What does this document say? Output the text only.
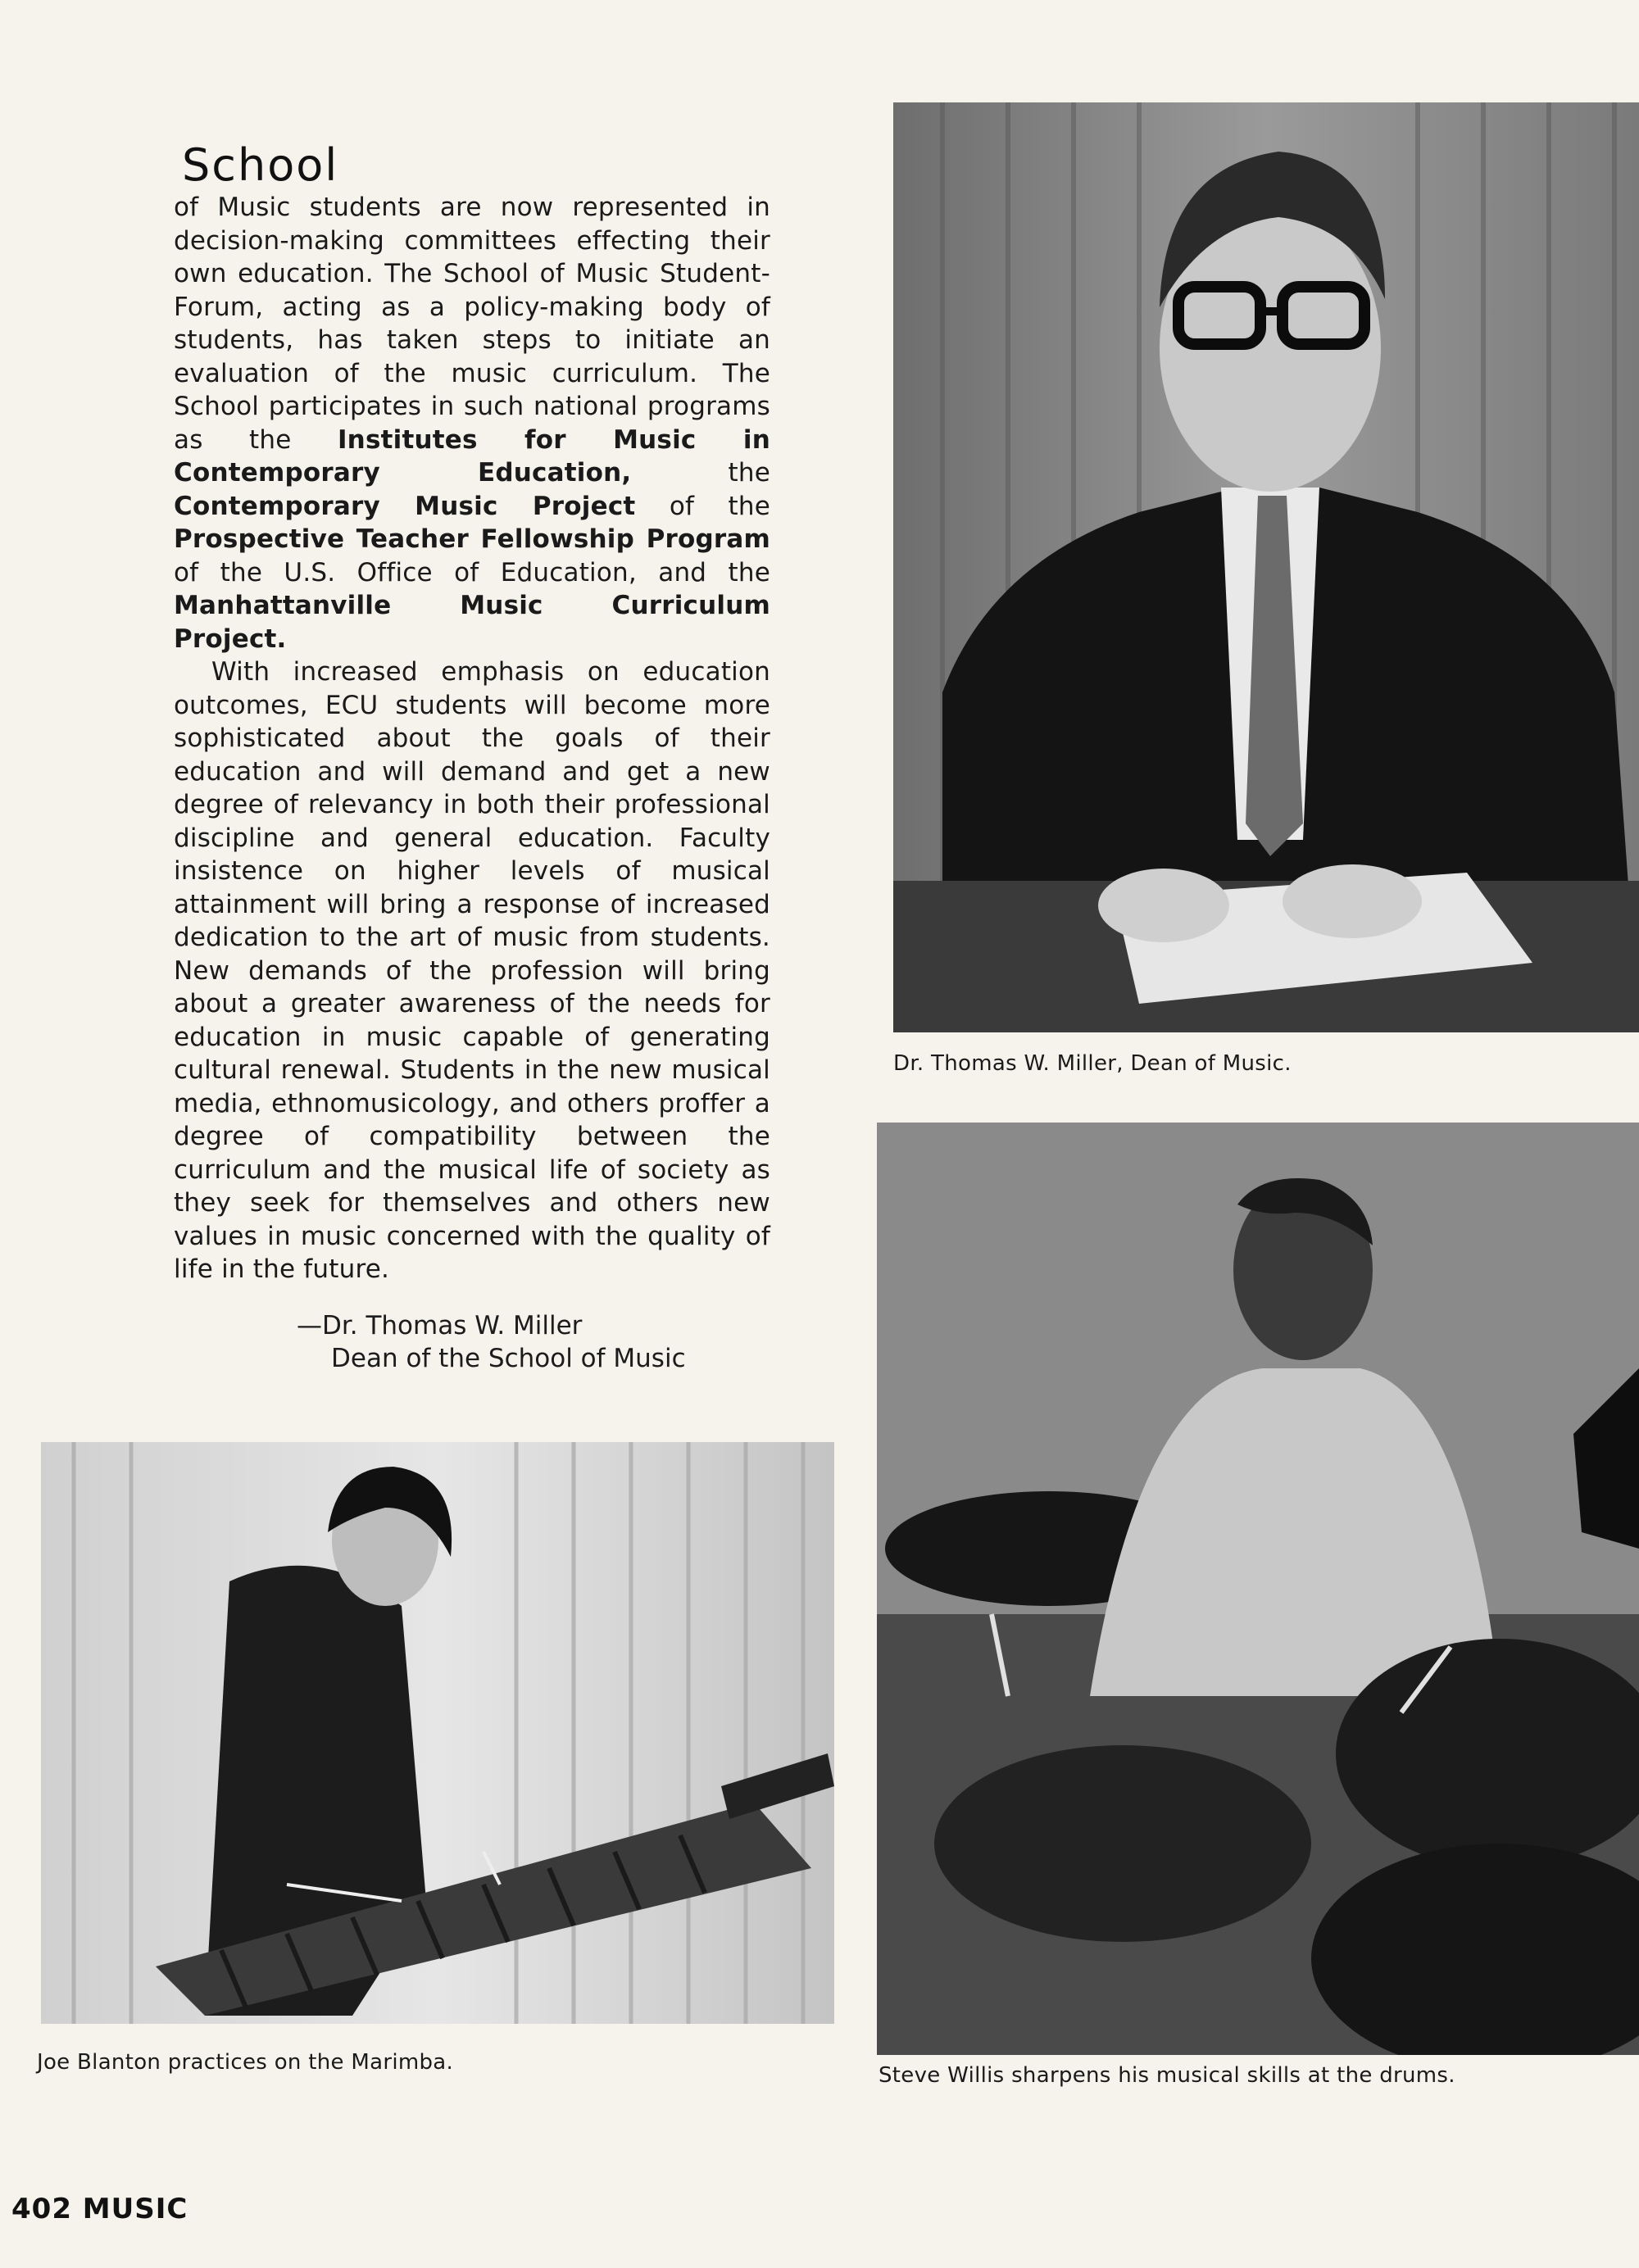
School

of Music students are now represented in decision-making committees effecting their own education. The School of Music Student-Forum, acting as a policy-making body of students, has taken steps to initiate an evaluation of the music curriculum. The School participates in such national programs as the Institutes for Music in Contemporary Education, the Contemporary Music Project of the Prospective Teacher Fellowship Program of the U.S. Office of Education, and the Manhattanville Music Curriculum Project.

With increased emphasis on education outcomes, ECU students will become more sophisticated about the goals of their education and will demand and get a new degree of relevancy in both their professional discipline and general education. Faculty insistence on higher levels of musical attainment will bring a response of increased dedication to the art of music from students. New demands of the profession will bring about a greater awareness of the needs for education in music capable of generating cultural renewal. Students in the new musical media, ethnomusicology, and others proffer a degree of compatibility between the curriculum and the musical life of society as they seek for themselves and others new values in music concerned with the quality of life in the future.

—Dr. Thomas W. Miller
Dean of the School of Music
Dr. Thomas W. Miller, Dean of Music.
Joe Blanton practices on the Marimba.
Steve Willis sharpens his musical skills at the drums.
402 MUSIC
